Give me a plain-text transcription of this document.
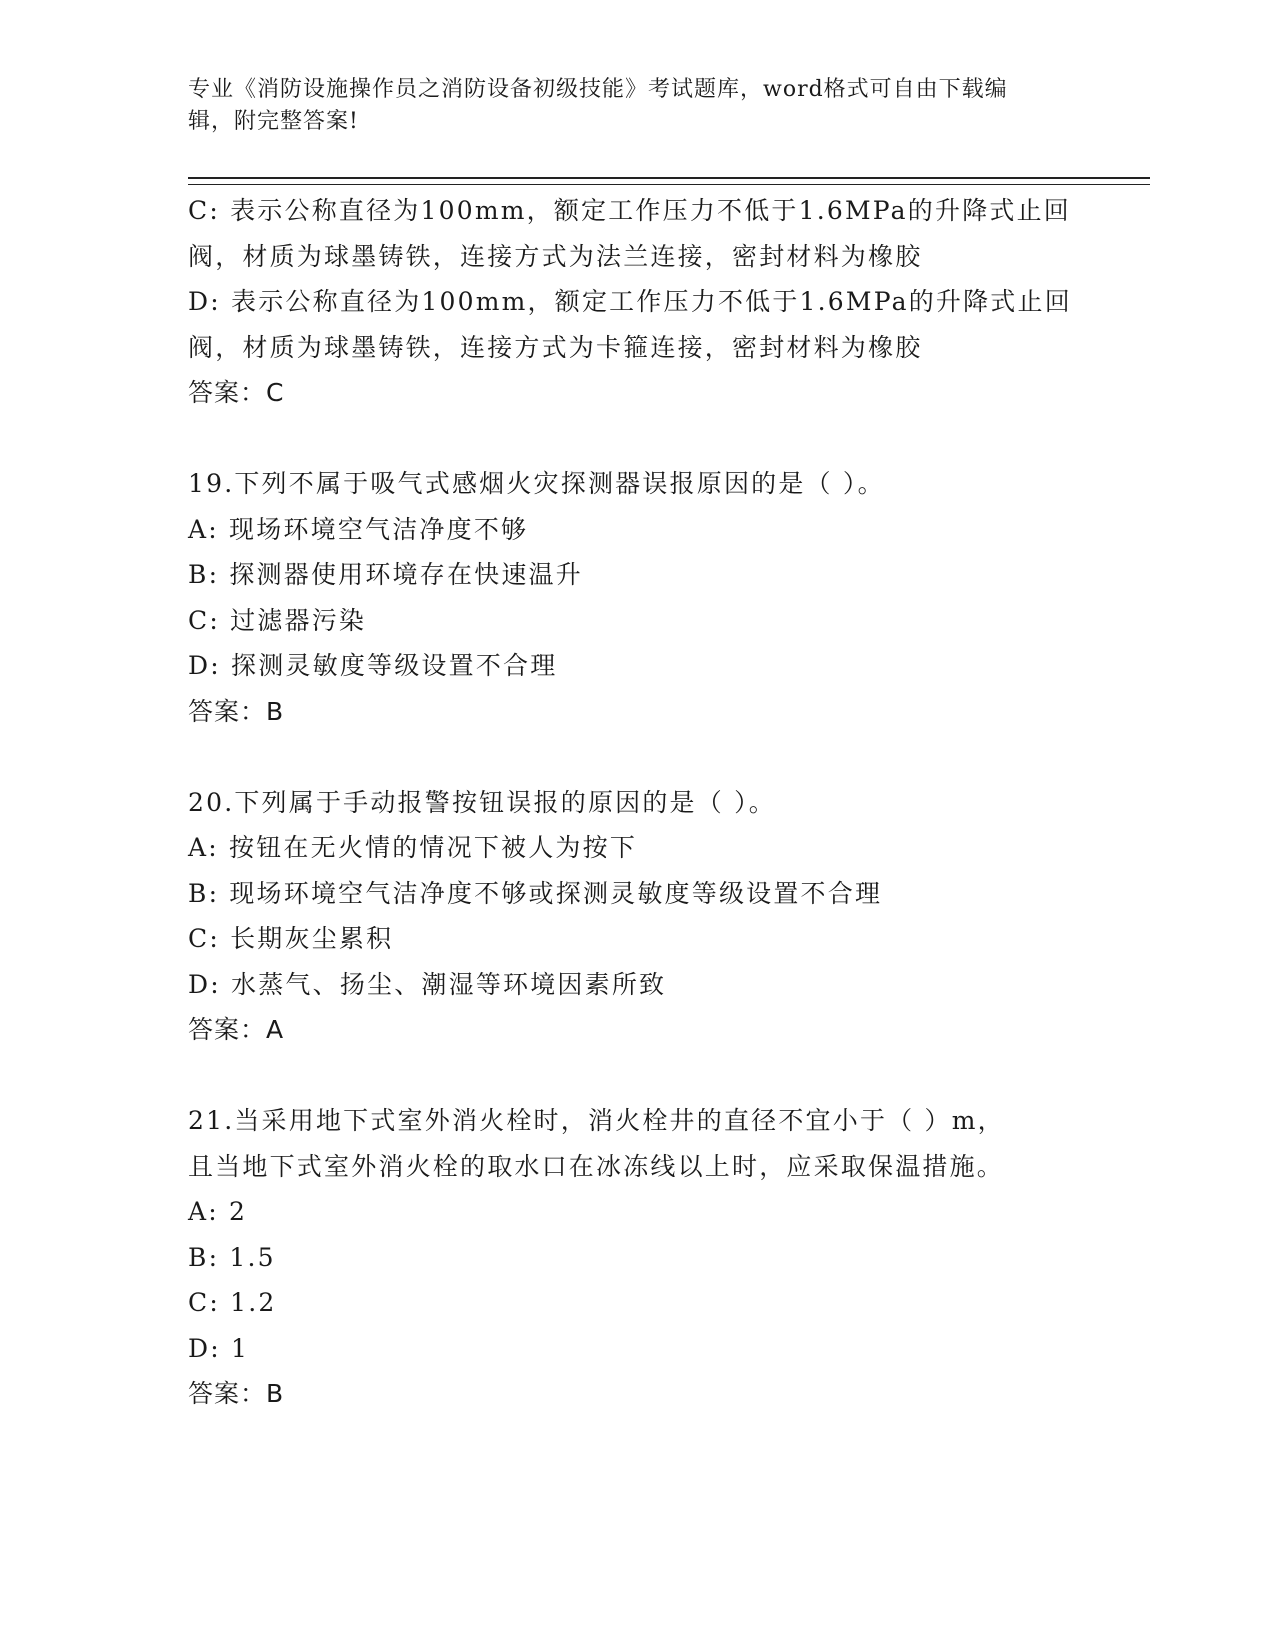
专业《消防设施操作员之消防设备初级技能》考试题库，word格式可自由下载编
辑，附完整答案!
C: 表示公称直径为100mm，额定工作压力不低于1.6MPa的升降式止回
阀，材质为球墨铸铁，连接方式为法兰连接，密封材料为橡胶
D: 表示公称直径为100mm，额定工作压力不低于1.6MPa的升降式止回
阀，材质为球墨铸铁，连接方式为卡箍连接，密封材料为橡胶
答案：C
19.下列不属于吸气式感烟火灾探测器误报原因的是（ ）。
A: 现场环境空气洁净度不够
B: 探测器使用环境存在快速温升
C: 过滤器污染
D: 探测灵敏度等级设置不合理
答案：B
20.下列属于手动报警按钮误报的原因的是（ ）。
A: 按钮在无火情的情况下被人为按下
B: 现场环境空气洁净度不够或探测灵敏度等级设置不合理
C: 长期灰尘累积
D: 水蒸气、扬尘、潮湿等环境因素所致
答案：A
21.当采用地下式室外消火栓时，消火栓井的直径不宜小于（ ）m，
且当地下式室外消火栓的取水口在冰冻线以上时，应采取保温措施。
A: 2
B: 1.5
C: 1.2
D: 1
答案：B
